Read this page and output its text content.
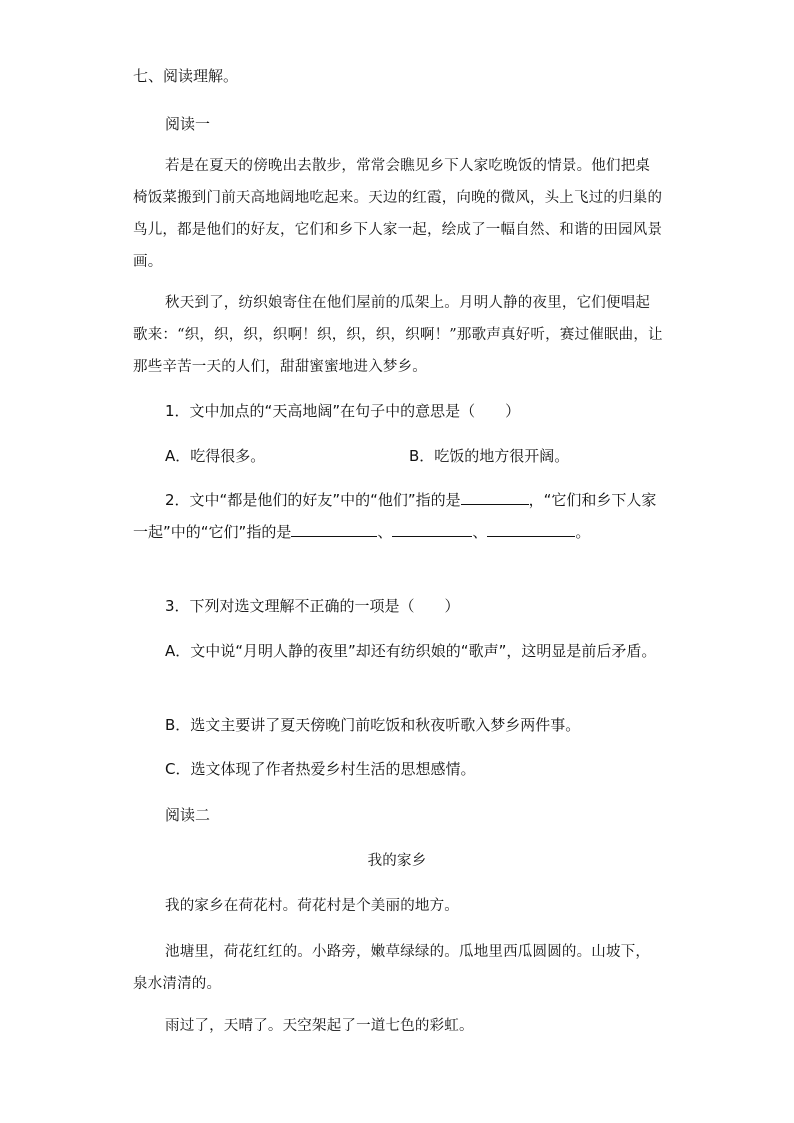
七、阅读理解。

阅读一

若是在夏天的傍晚出去散步，常常会瞧见乡下人家吃晚饭的情景。他们把桌椅饭菜搬到门前天高地阔地吃起来。天边的红霞，向晚的微风，头上飞过的归巢的鸟儿，都是他们的好友，它们和乡下人家一起，绘成了一幅自然、和谐的田园风景画。

秋天到了，纺织娘寄住在他们屋前的瓜架上。月明人静的夜里，它们便唱起歌来：“织，织，织，织啊！织，织，织，织啊！”那歌声真好听，赛过催眠曲，让那些辛苦一天的人们，甜甜蜜蜜地进入梦乡。

1．文中加点的“天高地阔”在句子中的意思是（　　）

A．吃得很多。	B．吃饭的地方很开阔。

2．文中“都是他们的好友”中的“他们”指的是	，“它们和乡下人家一起”中的“它们”指的是	、	、	。

3．下列对选文理解不正确的一项是（　　）

A．文中说“月明人静的夜里”却还有纺织娘的“歌声”，这明显是前后矛盾。

B．选文主要讲了夏天傍晚门前吃饭和秋夜听歌入梦乡两件事。

C．选文体现了作者热爱乡村生活的思想感情。

阅读二

我的家乡

我的家乡在荷花村。荷花村是个美丽的地方。

池塘里，荷花红红的。小路旁，嫩草绿绿的。瓜地里西瓜圆圆的。山坡下，泉水清清的。

雨过了，天晴了。天空架起了一道七色的彩虹。
